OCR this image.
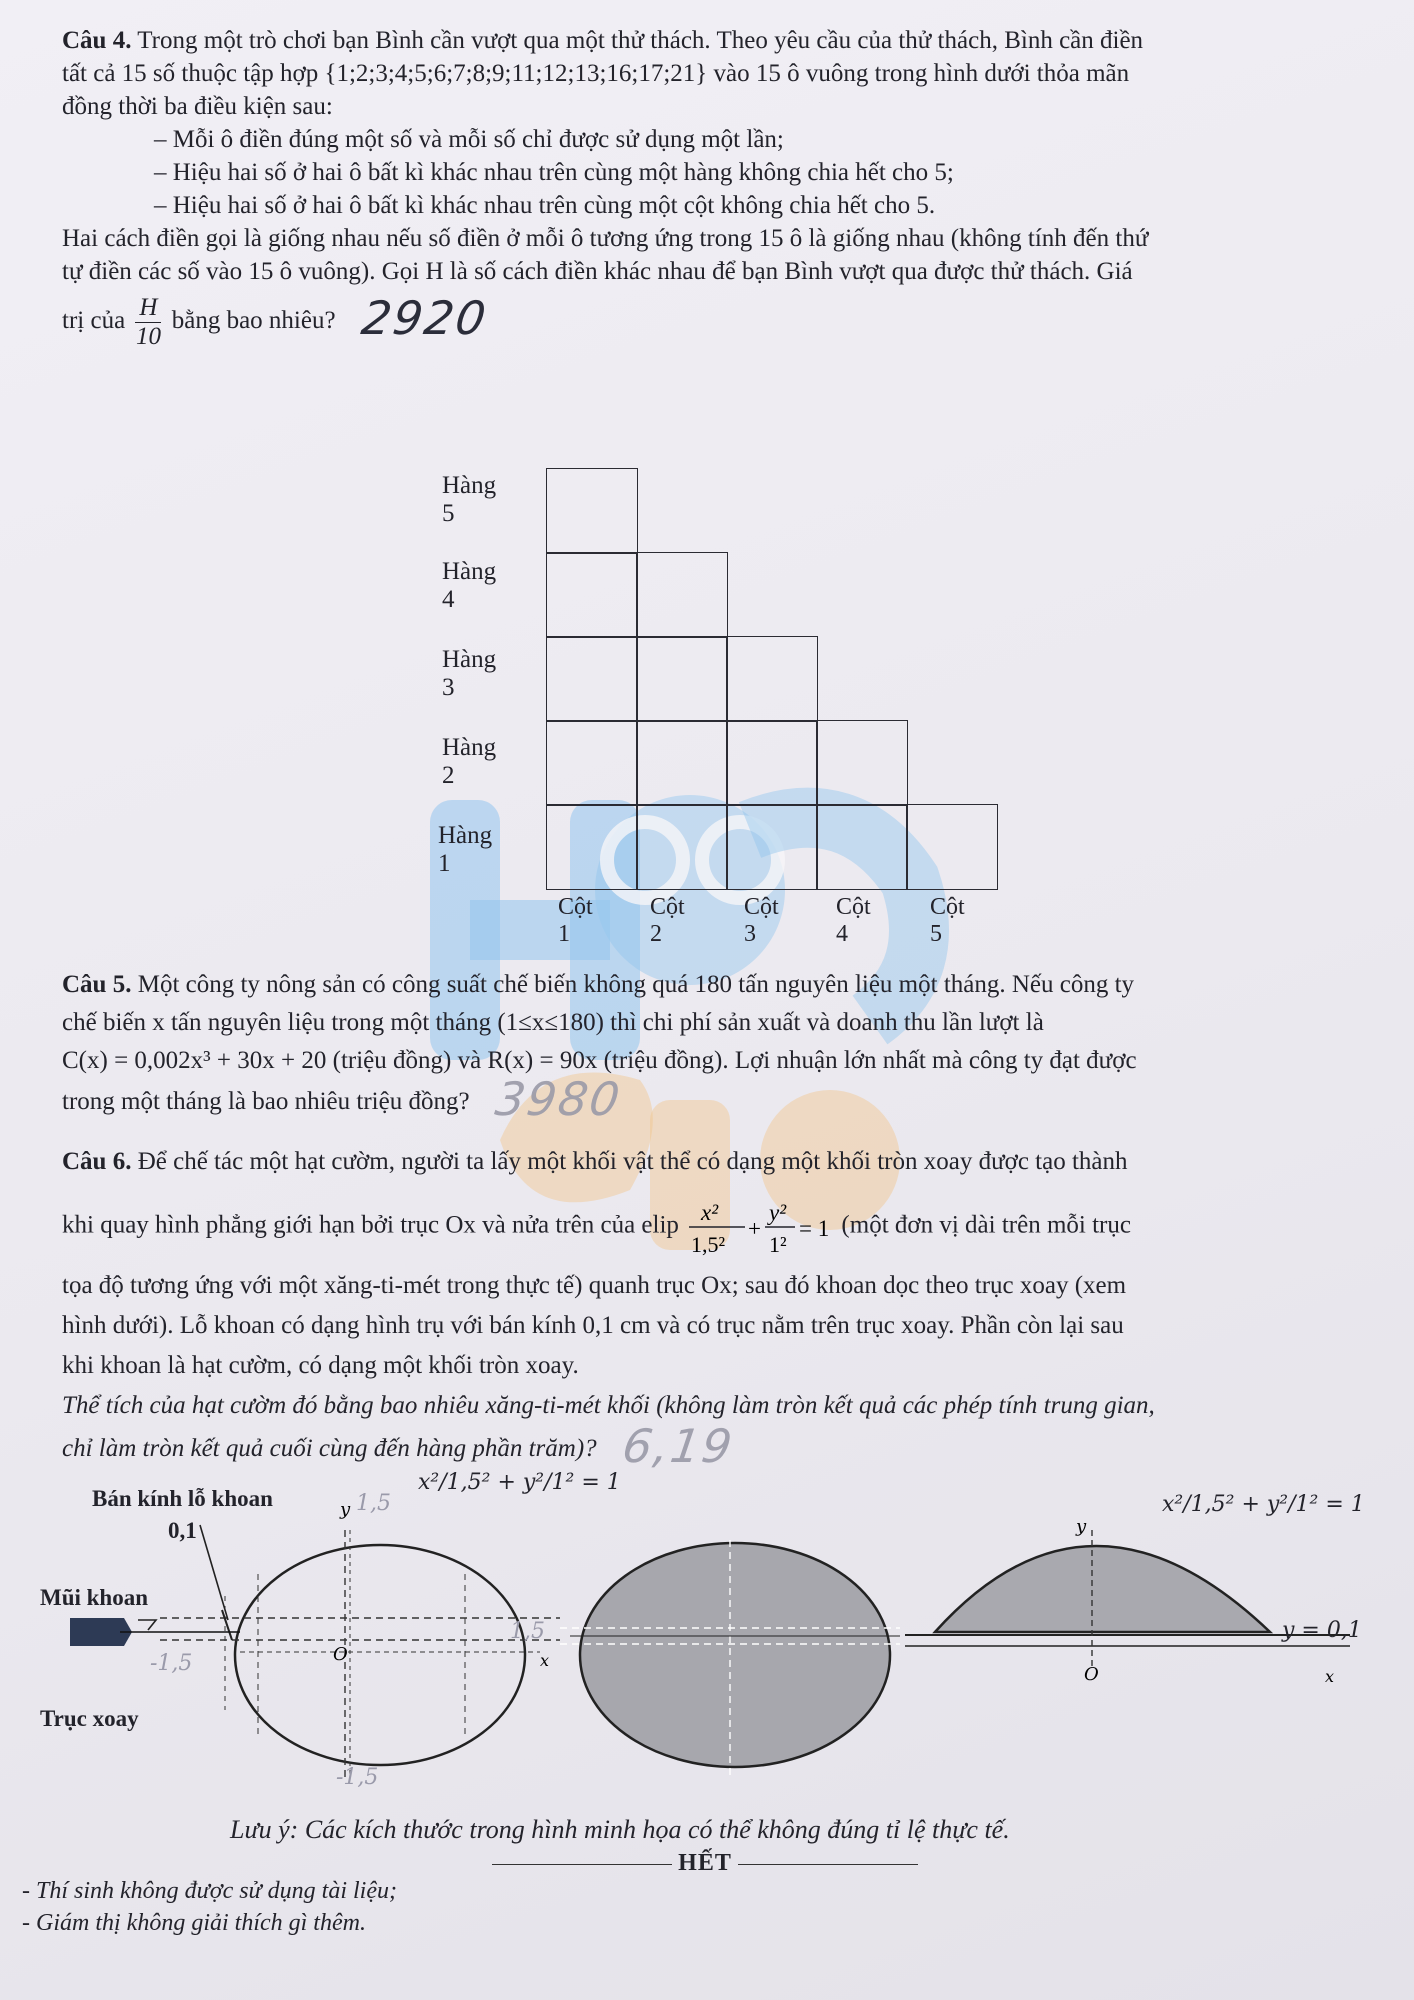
Câu 4. Trong một trò chơi bạn Bình cần vượt qua một thử thách. Theo yêu cầu của thử thách, Bình cần điền

tất cả 15 số thuộc tập hợp {1;2;3;4;5;6;7;8;9;11;12;13;16;17;21} vào 15 ô vuông trong hình dưới thỏa mãn

đồng thời ba điều kiện sau:

– Mỗi ô điền đúng một số và mỗi số chỉ được sử dụng một lần;

– Hiệu hai số ở hai ô bất kì khác nhau trên cùng một hàng không chia hết cho 5;

– Hiệu hai số ở hai ô bất kì khác nhau trên cùng một cột không chia hết cho 5.

Hai cách điền gọi là giống nhau nếu số điền ở mỗi ô tương ứng trong 15 ô là giống nhau (không tính đến thứ

tự điền các số vào 15 ô vuông). Gọi H là số cách điền khác nhau để bạn Bình vượt qua được thử thách. Giá

trị của $\frac{H}{10}$ bằng bao nhiêu? 2920

Hàng 5
Hàng 4
Hàng 3
Hàng 2
Hàng 1
Cột 1
Cột 2
Cột 3
Cột 4
Cột 5

Câu 5. Một công ty nông sản có công suất chế biến không quá 180 tấn nguyên liệu một tháng. Nếu công ty

chế biến x tấn nguyên liệu trong một tháng (1≤x≤180) thì chi phí sản xuất và doanh thu lần lượt là

C(x) = 0,002x³ + 30x + 20 (triệu đồng) và R(x) = 90x (triệu đồng). Lợi nhuận lớn nhất mà công ty đạt được

trong một tháng là bao nhiêu triệu đồng? 3980

Câu 6. Để chế tác một hạt cườm, người ta lấy một khối vật thể có dạng một khối tròn xoay được tạo thành

khi quay hình phẳng giới hạn bởi trục Ox và nửa trên của elip x²
1,5²
+
y²
1²
= 1 (một đơn vị dài trên mỗi trục

tọa độ tương ứng với một xăng-ti-mét trong thực tế) quanh trục Ox; sau đó khoan dọc theo trục xoay (xem

hình dưới). Lỗ khoan có dạng hình trụ với bán kính 0,1 cm và có trục nằm trên trục xoay. Phần còn lại sau

khi khoan là hạt cườm, có dạng một khối tròn xoay.

Thể tích của hạt cườm đó bằng bao nhiêu xăng-ti-mét khối (không làm tròn kết quả các phép tính trung gian,

chỉ làm tròn kết quả cuối cùng đến hàng phần trăm)? 6,19

O
y
x
1,5
-1,5
1,5
-1,5
y
O	x
Bán kính lỗ khoan
0,1
Mũi khoan
Trục xoay
x²/1,5² + y²/1² = 1
x²/1,5² + y²/1² = 1
y = 0,1
Lưu ý: Các kích thước trong hình minh họa có thể không đúng tỉ lệ thực tế.
HẾT
- Thí sinh không được sử dụng tài liệu;
- Giám thị không giải thích gì thêm.
